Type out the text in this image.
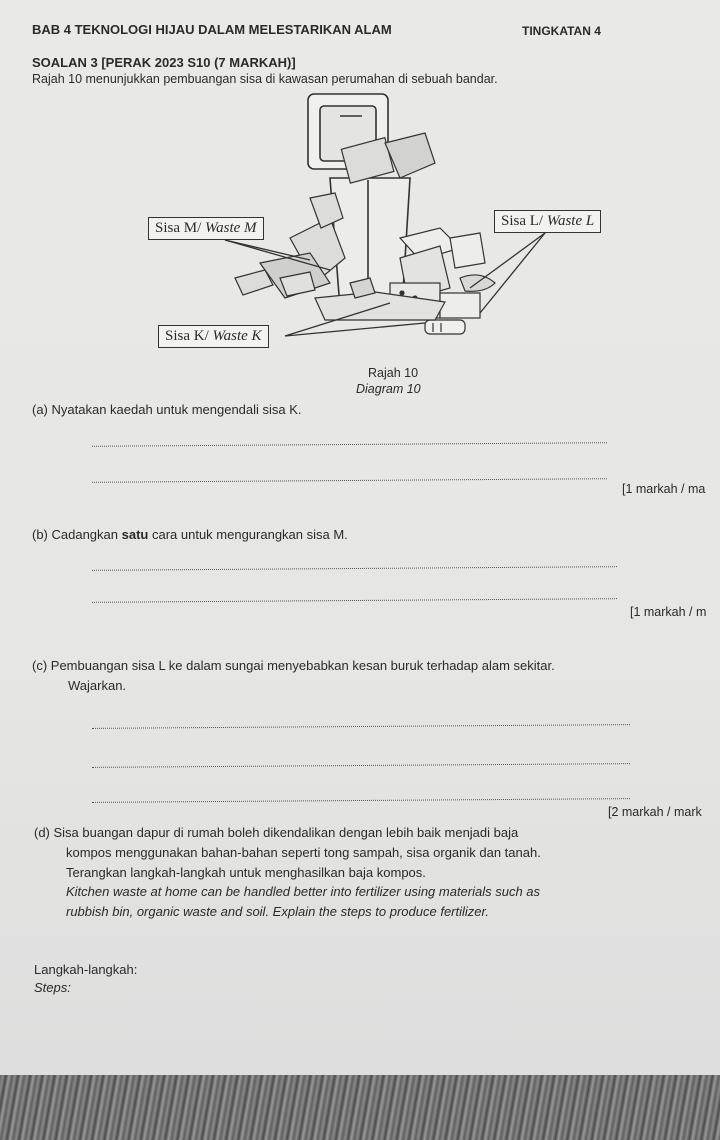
BAB 4 TEKNOLOGI HIJAU DALAM MELESTARIKAN ALAM	TINGKATAN 4
SOALAN 3 [PERAK 2023 S10 (7 MARKAH)]
Rajah 10 menunjukkan pembuangan sisa di kawasan perumahan di sebuah bandar.
Sisa M/ Waste M	Sisa L/ Waste L
Sisa K/ Waste K
Rajah 10
Diagram 10
(a) Nyatakan kaedah untuk mengendali sisa K.
[1 markah / ma
(b) Cadangkan satu cara untuk mengurangkan sisa M.
[1 markah / m
(c) Pembuangan sisa L ke dalam sungai menyebabkan kesan buruk terhadap alam sekitar.
Wajarkan.
[2 markah / mark
(d) Sisa buangan dapur di rumah boleh dikendalikan dengan lebih baik menjadi baja
kompos menggunakan bahan-bahan seperti tong sampah, sisa organik dan tanah.
Terangkan langkah-langkah untuk menghasilkan baja kompos.
Kitchen waste at home can be handled better into fertilizer using materials such as
rubbish bin, organic waste and soil. Explain the steps to produce fertilizer.
Langkah-langkah:
Steps:
